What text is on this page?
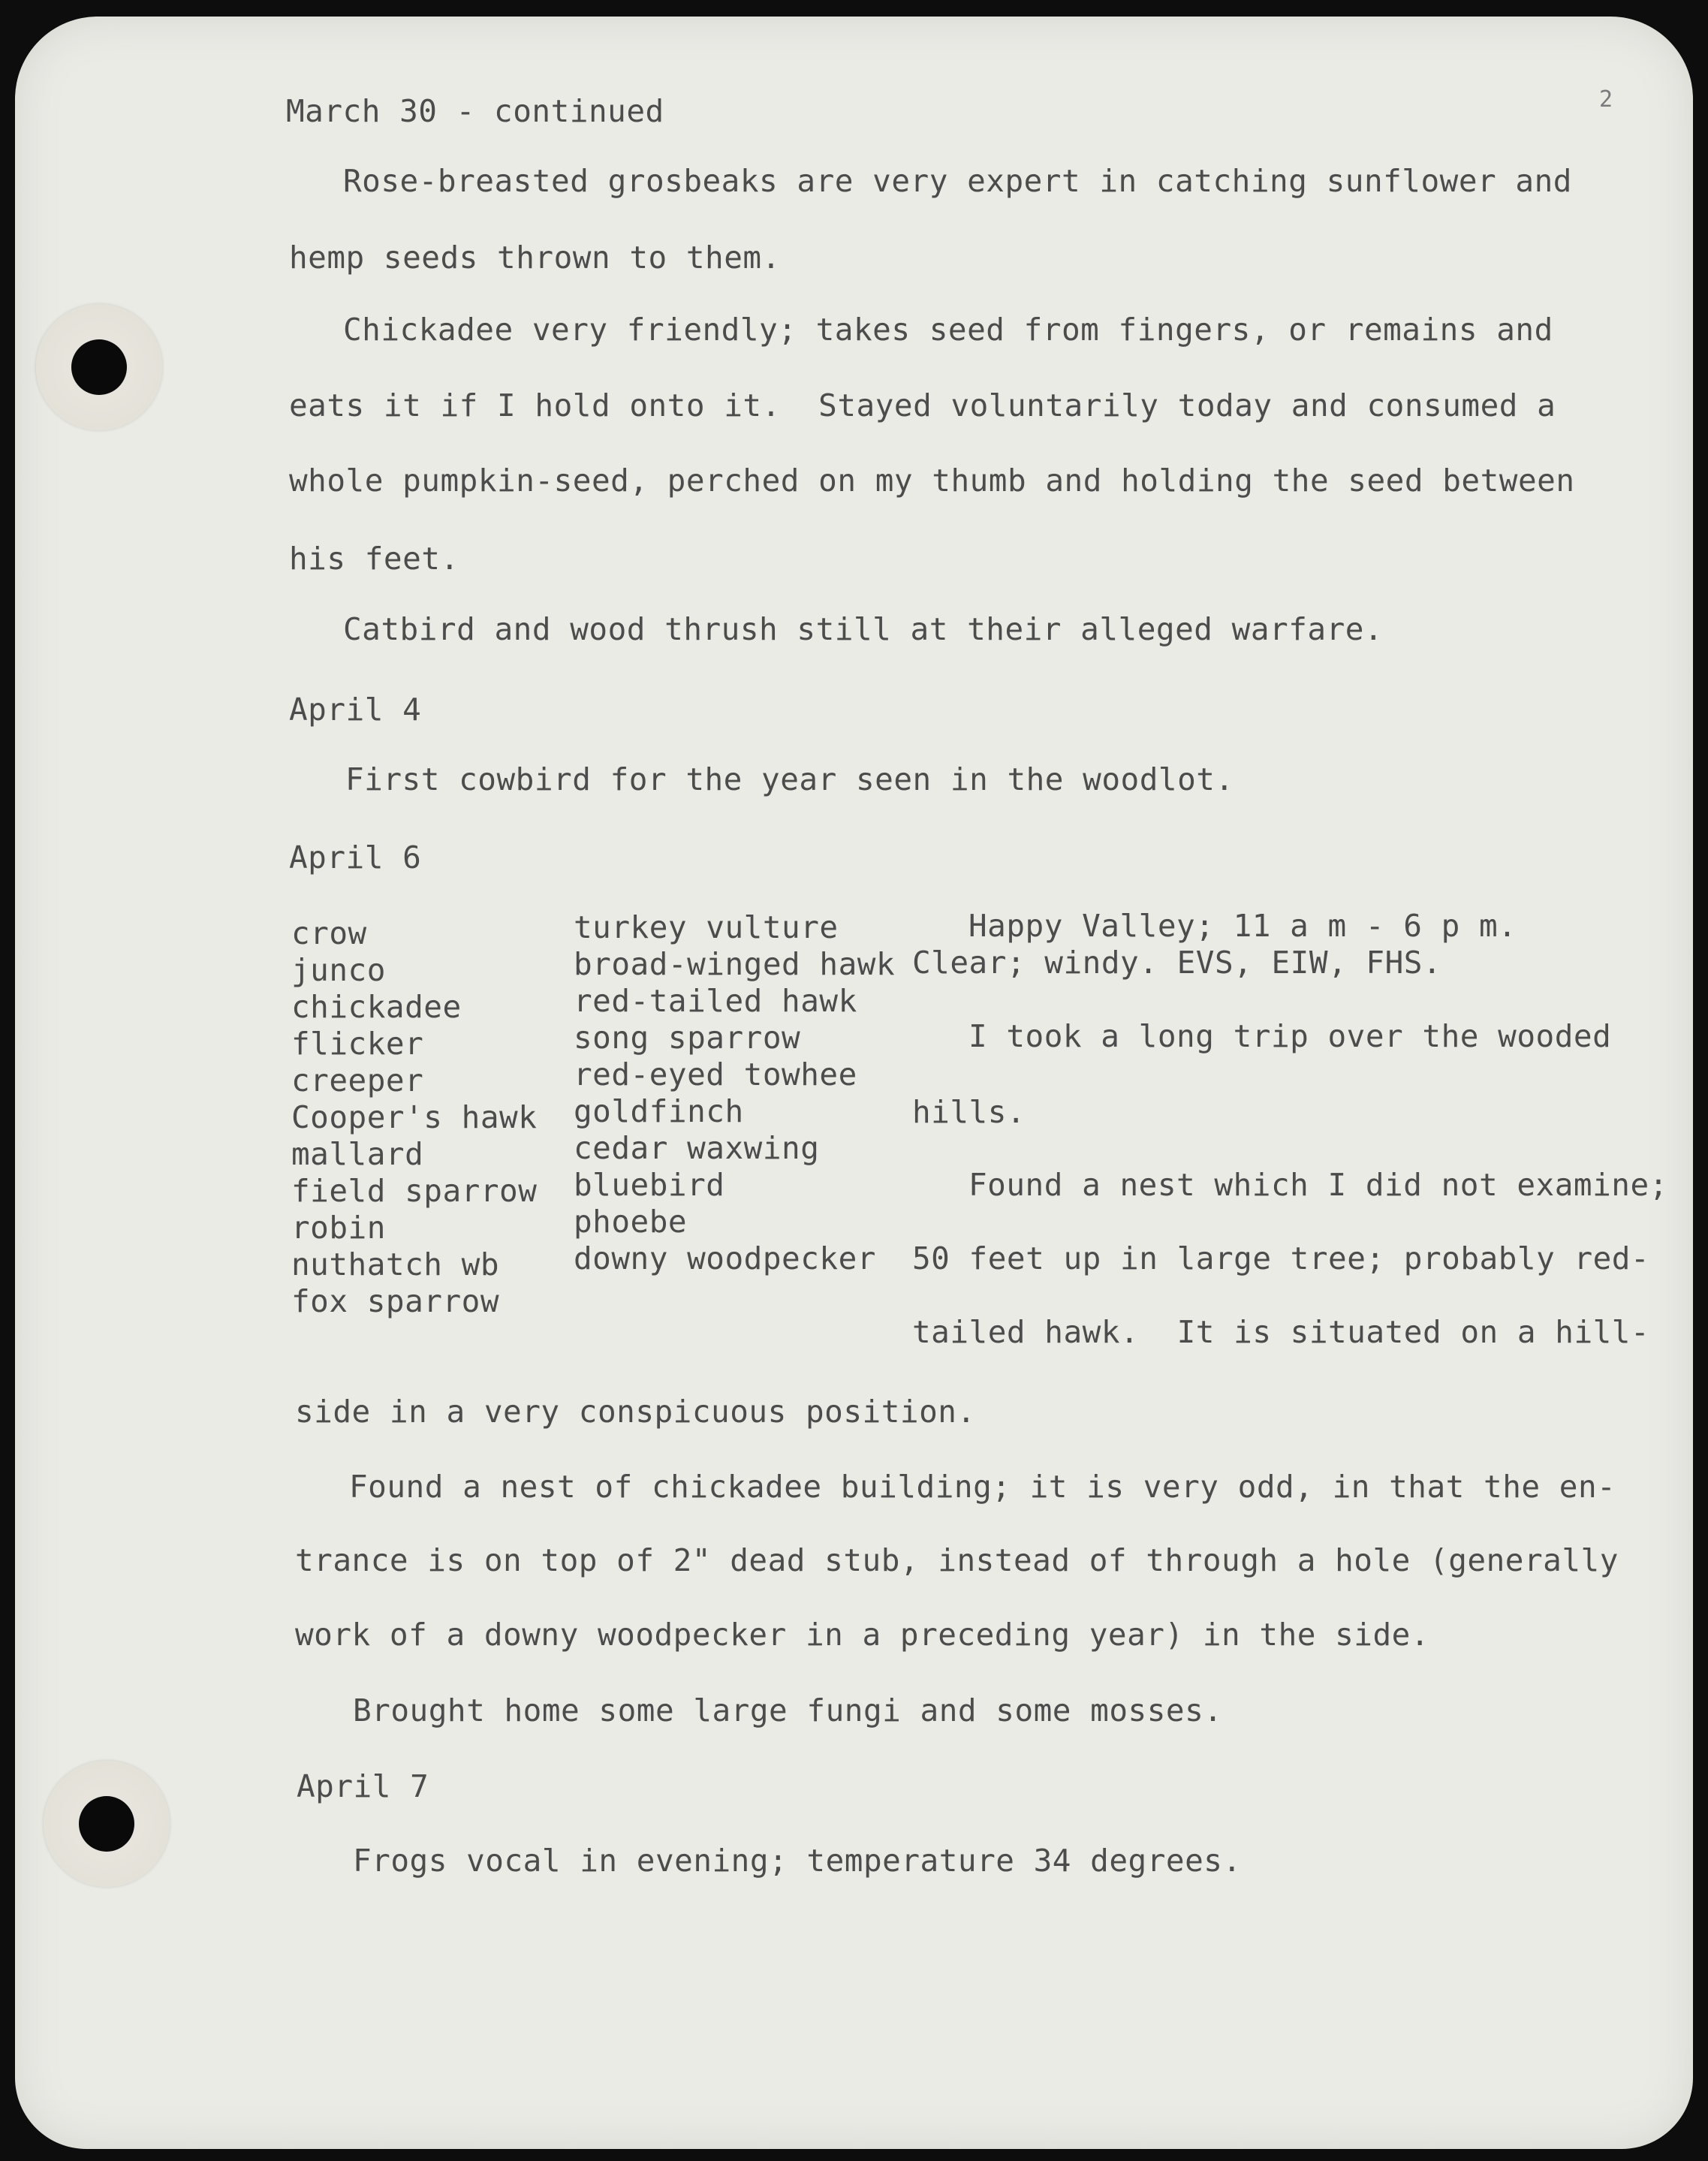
2
March 30 - continued
Rose-breasted grosbeaks are very expert in catching sunflower and
hemp seeds thrown to them.
Chickadee very friendly; takes seed from fingers, or remains and
eats it if I hold onto it.  Stayed voluntarily today and consumed a
whole pumpkin-seed, perched on my thumb and holding the seed between
his feet.
Catbird and wood thrush still at their alleged warfare.
April 4
First cowbird for the year seen in the woodlot.
April 6
crow
junco
chickadee
flicker
creeper
Cooper's hawk
mallard
field sparrow
robin
nuthatch wb
fox sparrow
turkey vulture
broad-winged hawk
red-tailed hawk
song sparrow
red-eyed towhee
goldfinch
cedar waxwing
bluebird
phoebe
downy woodpecker
Happy Valley; 11 a m - 6 p m.
Clear; windy. EVS, EIW, FHS.
I took a long trip over the wooded
hills.
Found a nest which I did not examine;
50 feet up in large tree; probably red-
tailed hawk.  It is situated on a hill-
side in a very conspicuous position.
Found a nest of chickadee building; it is very odd, in that the en-
trance is on top of 2" dead stub, instead of through a hole (generally
work of a downy woodpecker in a preceding year) in the side.
Brought home some large fungi and some mosses.
April 7
Frogs vocal in evening; temperature 34 degrees.
